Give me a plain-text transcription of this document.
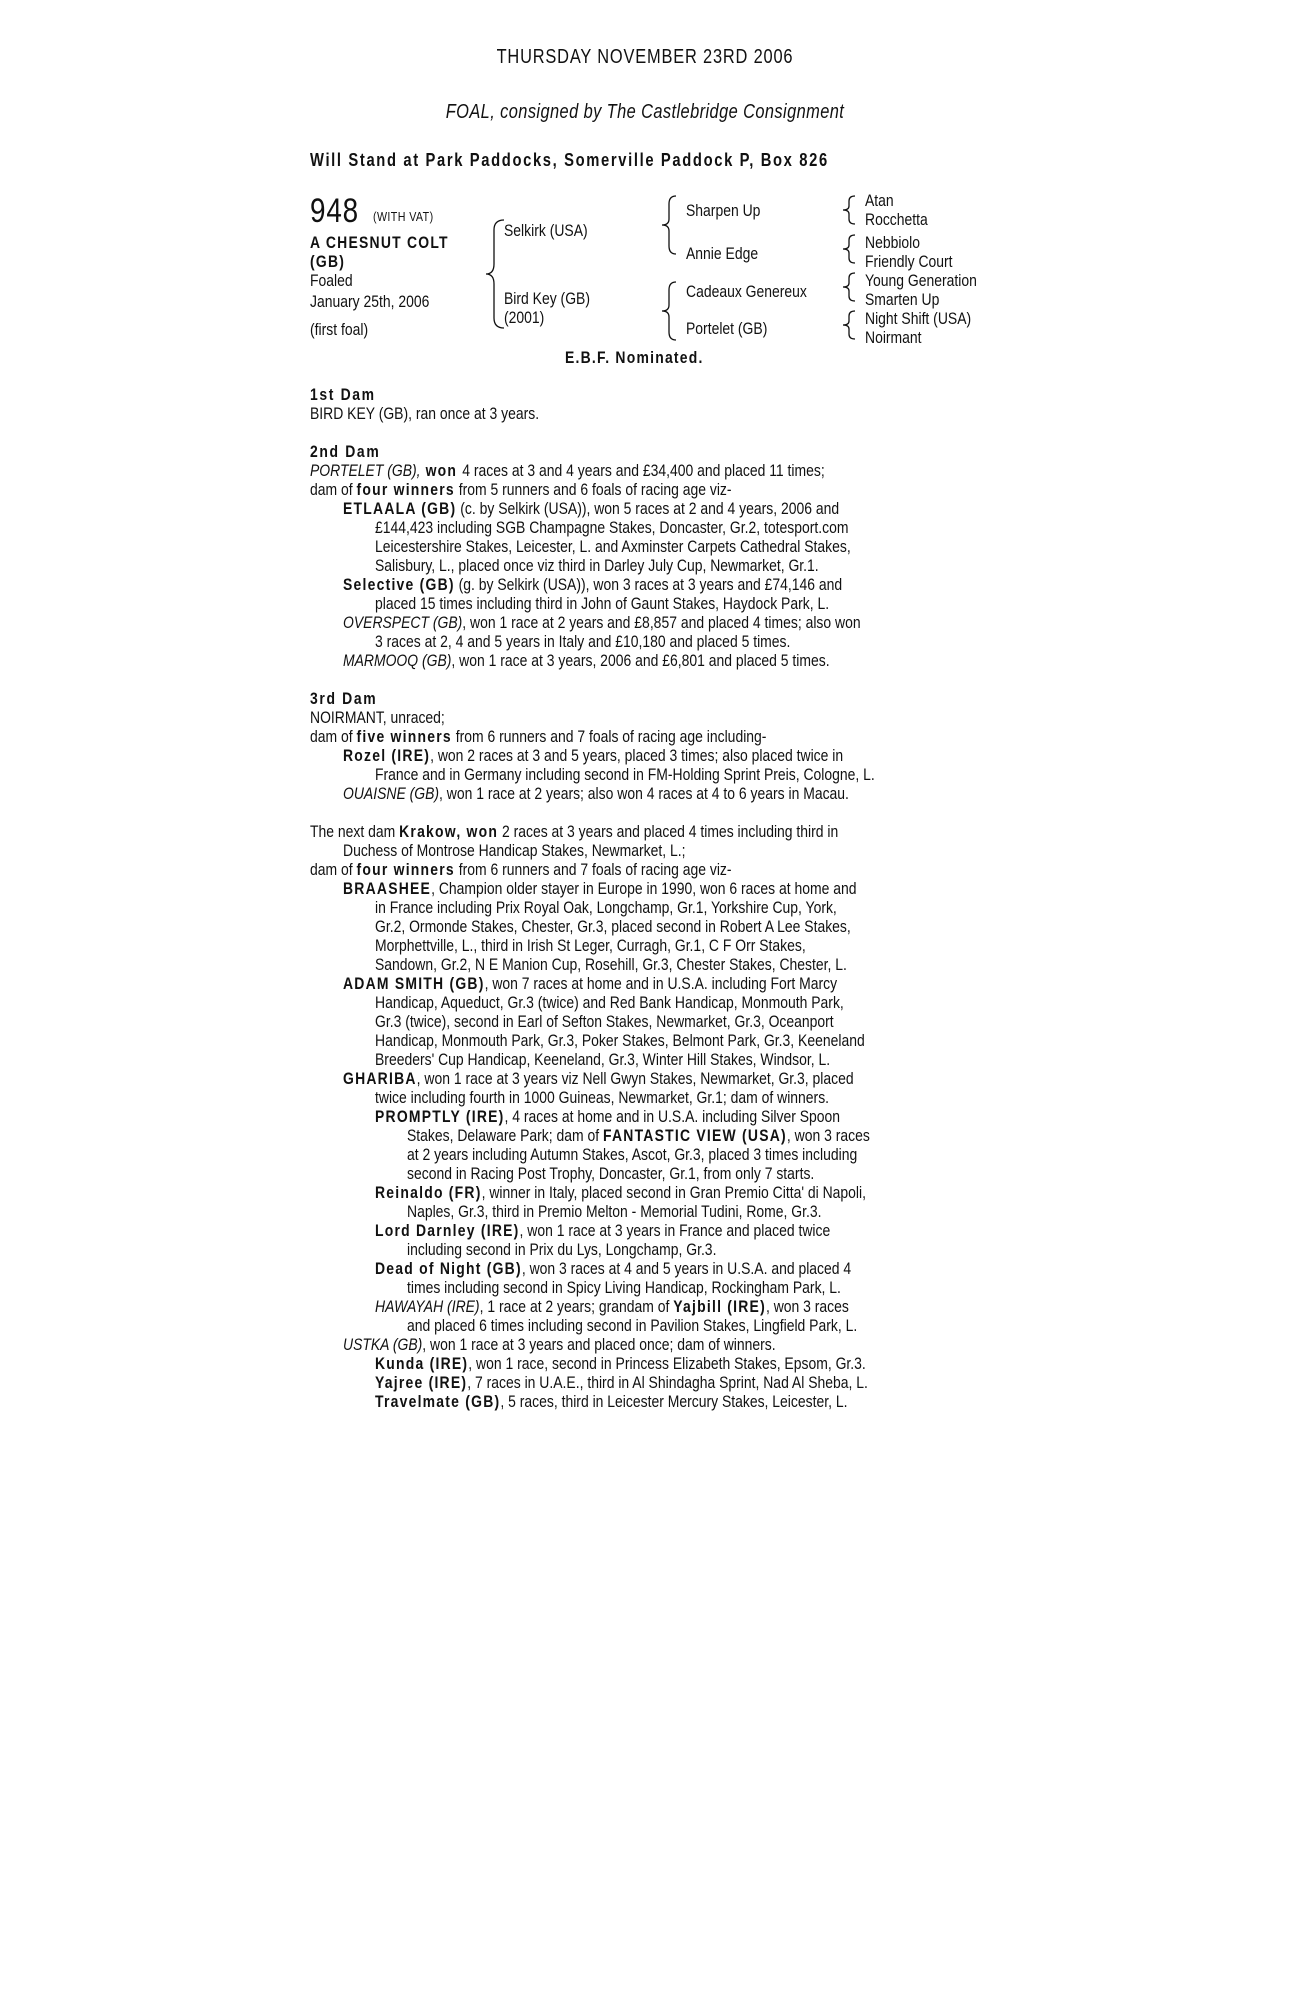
THURSDAY NOVEMBER 23RD 2006
FOAL, consigned by The Castlebridge Consignment
Will Stand at Park Paddocks, Somerville Paddock P, Box 826
948	(WITH VAT)
A CHESNUT COLT
(GB)
Foaled
January 25th, 2006
(first foal)
Selkirk (USA)
Bird Key (GB)
(2001)
Sharpen Up
Annie Edge
Cadeaux Genereux
Portelet (GB)
Atan
Rocchetta
Nebbiolo
Friendly Court
Young Generation
Smarten Up
Night Shift (USA)
Noirmant
E.B.F. Nominated.
1st Dam
BIRD KEY (GB), ran once at 3 years.
2nd Dam
PORTELET (GB), won 4 races at 3 and 4 years and £34,400 and placed 11 times;
dam of four winners from 5 runners and 6 foals of racing age viz-
ETLAALA (GB) (c. by Selkirk (USA)), won 5 races at 2 and 4 years, 2006 and
£144,423 including SGB Champagne Stakes, Doncaster, Gr.2, totesport.com
Leicestershire Stakes, Leicester, L. and Axminster Carpets Cathedral Stakes,
Salisbury, L., placed once viz third in Darley July Cup, Newmarket, Gr.1.
Selective (GB) (g. by Selkirk (USA)), won 3 races at 3 years and £74,146 and
placed 15 times including third in John of Gaunt Stakes, Haydock Park, L.
OVERSPECT (GB), won 1 race at 2 years and £8,857 and placed 4 times; also won
3 races at 2, 4 and 5 years in Italy and £10,180 and placed 5 times.
MARMOOQ (GB), won 1 race at 3 years, 2006 and £6,801 and placed 5 times.
3rd Dam
NOIRMANT, unraced;
dam of five winners from 6 runners and 7 foals of racing age including-
Rozel (IRE), won 2 races at 3 and 5 years, placed 3 times; also placed twice in
France and in Germany including second in FM-Holding Sprint Preis, Cologne, L.
OUAISNE (GB), won 1 race at 2 years; also won 4 races at 4 to 6 years in Macau.
The next dam Krakow, won 2 races at 3 years and placed 4 times including third in
Duchess of Montrose Handicap Stakes, Newmarket, L.;
dam of four winners from 6 runners and 7 foals of racing age viz-
BRAASHEE, Champion older stayer in Europe in 1990, won 6 races at home and
in France including Prix Royal Oak, Longchamp, Gr.1, Yorkshire Cup, York,
Gr.2, Ormonde Stakes, Chester, Gr.3, placed second in Robert A Lee Stakes,
Morphettville, L., third in Irish St Leger, Curragh, Gr.1, C F Orr Stakes,
Sandown, Gr.2, N E Manion Cup, Rosehill, Gr.3, Chester Stakes, Chester, L.
ADAM SMITH (GB), won 7 races at home and in U.S.A. including Fort Marcy
Handicap, Aqueduct, Gr.3 (twice) and Red Bank Handicap, Monmouth Park,
Gr.3 (twice), second in Earl of Sefton Stakes, Newmarket, Gr.3, Oceanport
Handicap, Monmouth Park, Gr.3, Poker Stakes, Belmont Park, Gr.3, Keeneland
Breeders' Cup Handicap, Keeneland, Gr.3, Winter Hill Stakes, Windsor, L.
GHARIBA, won 1 race at 3 years viz Nell Gwyn Stakes, Newmarket, Gr.3, placed
twice including fourth in 1000 Guineas, Newmarket, Gr.1; dam of winners.
PROMPTLY (IRE), 4 races at home and in U.S.A. including Silver Spoon
Stakes, Delaware Park; dam of FANTASTIC VIEW (USA), won 3 races
at 2 years including Autumn Stakes, Ascot, Gr.3, placed 3 times including
second in Racing Post Trophy, Doncaster, Gr.1, from only 7 starts.
Reinaldo (FR), winner in Italy, placed second in Gran Premio Citta' di Napoli,
Naples, Gr.3, third in Premio Melton - Memorial Tudini, Rome, Gr.3.
Lord Darnley (IRE), won 1 race at 3 years in France and placed twice
including second in Prix du Lys, Longchamp, Gr.3.
Dead of Night (GB), won 3 races at 4 and 5 years in U.S.A. and placed 4
times including second in Spicy Living Handicap, Rockingham Park, L.
HAWAYAH (IRE), 1 race at 2 years; grandam of Yajbill (IRE), won 3 races
and placed 6 times including second in Pavilion Stakes, Lingfield Park, L.
USTKA (GB), won 1 race at 3 years and placed once; dam of winners.
Kunda (IRE), won 1 race, second in Princess Elizabeth Stakes, Epsom, Gr.3.
Yajree (IRE), 7 races in U.A.E., third in Al Shindagha Sprint, Nad Al Sheba, L.
Travelmate (GB), 5 races, third in Leicester Mercury Stakes, Leicester, L.
